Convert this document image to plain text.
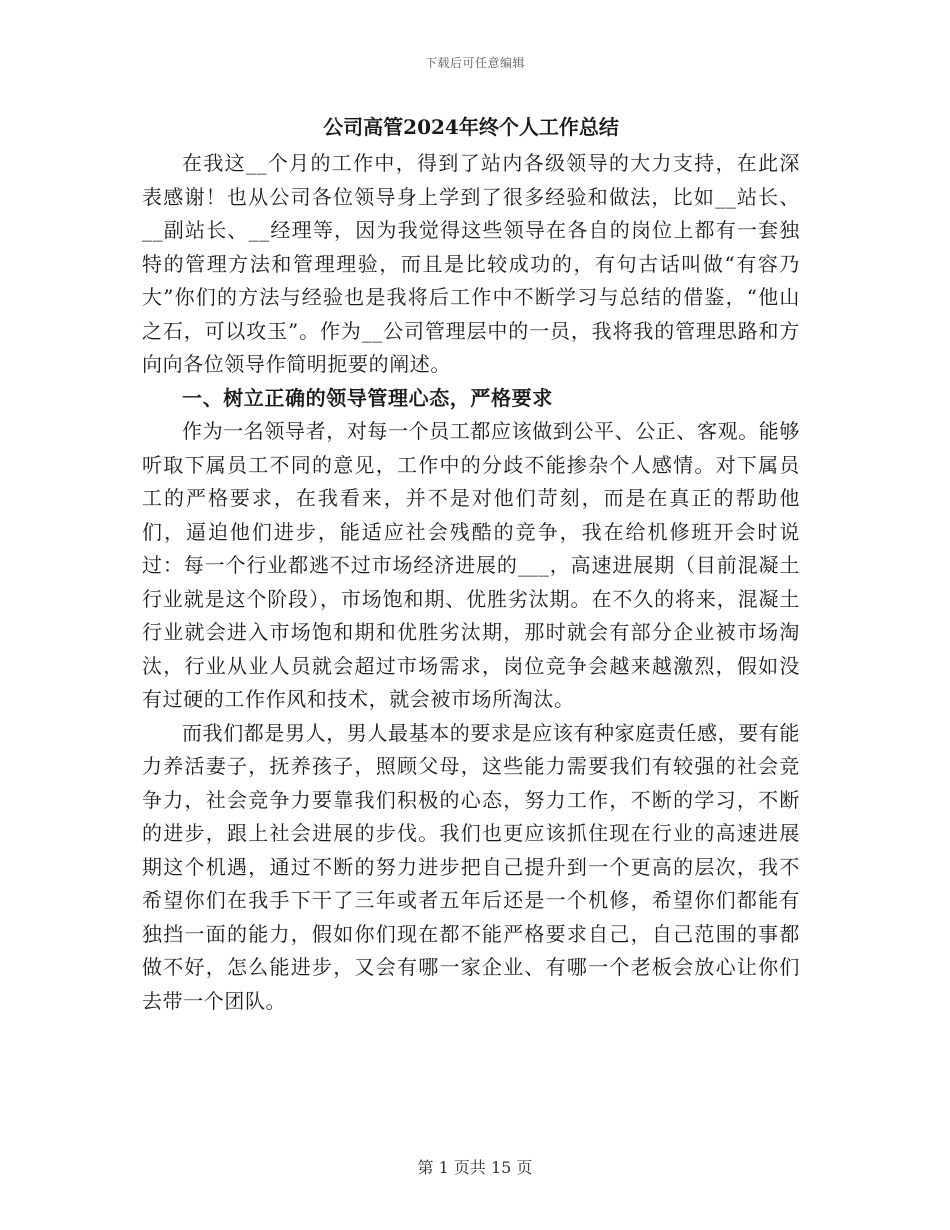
下载后可任意编辑
公司高管2024年终个人工作总结

在我这__个月的工作中，得到了站内各级领导的大力支持，在此深表感谢！也从公司各位领导身上学到了很多经验和做法，比如__站长、__副站长、__经理等，因为我觉得这些领导在各自的岗位上都有一套独特的管理方法和管理理验，而且是比较成功的，有句古话叫做“有容乃大”你们的方法与经验也是我将后工作中不断学习与总结的借鉴，“他山之石，可以攻玉”。作为__公司管理层中的一员，我将我的管理思路和方向向各位领导作简明扼要的阐述。

一、树立正确的领导管理心态，严格要求

作为一名领导者，对每一个员工都应该做到公平、公正、客观。能够听取下属员工不同的意见，工作中的分歧不能掺杂个人感情。对下属员工的严格要求，在我看来，并不是对他们苛刻，而是在真正的帮助他们，逼迫他们进步，能适应社会残酷的竞争，我在给机修班开会时说过：每一个行业都逃不过市场经济进展的___，高速进展期（目前混凝土行业就是这个阶段），市场饱和期、优胜劣汰期。在不久的将来，混凝土行业就会进入市场饱和期和优胜劣汰期，那时就会有部分企业被市场淘汰，行业从业人员就会超过市场需求，岗位竞争会越来越激烈，假如没有过硬的工作作风和技术，就会被市场所淘汰。

而我们都是男人，男人最基本的要求是应该有种家庭责任感，要有能力养活妻子，抚养孩子，照顾父母，这些能力需要我们有较强的社会竞争力，社会竞争力要靠我们积极的心态，努力工作，不断的学习，不断的进步，跟上社会进展的步伐。我们也更应该抓住现在行业的高速进展期这个机遇，通过不断的努力进步把自己提升到一个更高的层次，我不希望你们在我手下干了三年或者五年后还是一个机修，希望你们都能有独挡一面的能力，假如你们现在都不能严格要求自己，自己范围的事都做不好，怎么能进步，又会有哪一家企业、有哪一个老板会放心让你们去带一个团队。

第 1 页共 15 页
